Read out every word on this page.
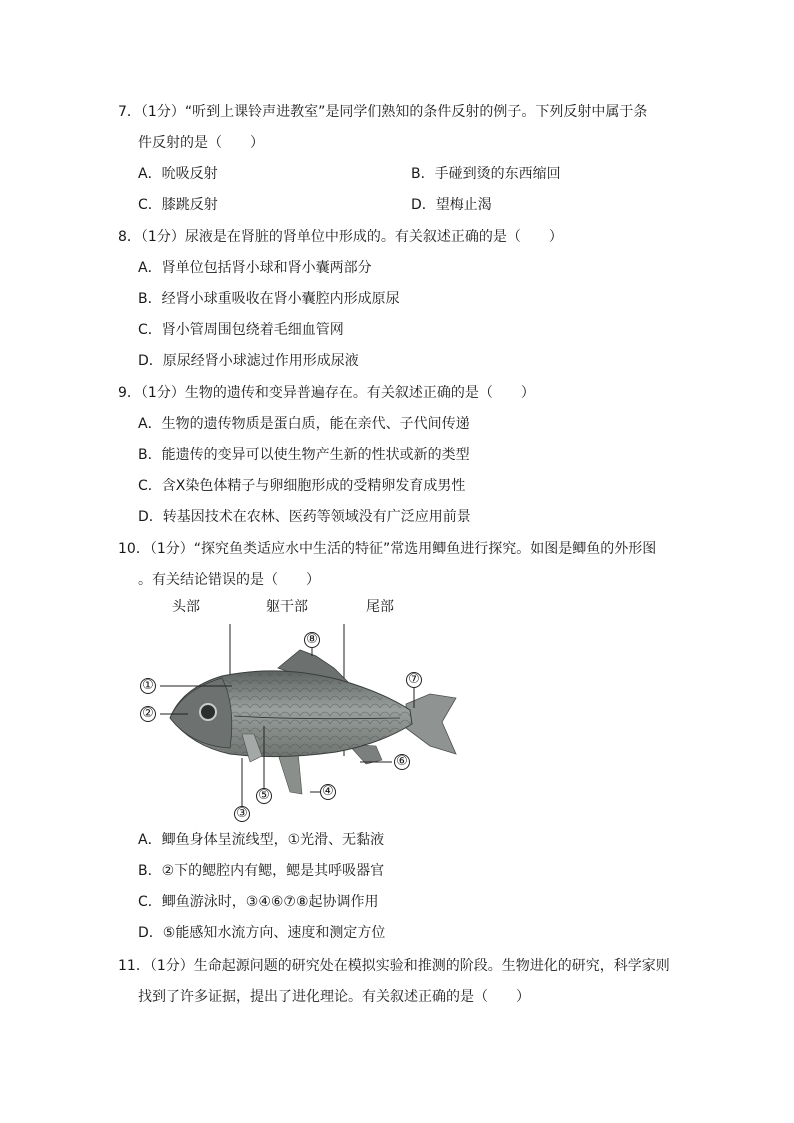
7．（1分）“听到上课铃声进教室”是同学们熟知的条件反射的例子。下列反射中属于条
件反射的是（　　）
A．吮吸反射	B．手碰到烫的东西缩回
C．膝跳反射	D．望梅止渴
8．（1分）尿液是在肾脏的肾单位中形成的。有关叙述正确的是（　　）
A．肾单位包括肾小球和肾小囊两部分
B．经肾小球重吸收在肾小囊腔内形成原尿
C．肾小管周围包绕着毛细血管网
D．原尿经肾小球滤过作用形成尿液
9．（1分）生物的遗传和变异普遍存在。有关叙述正确的是（　　）
A．生物的遗传物质是蛋白质，能在亲代、子代间传递
B．能遗传的变异可以使生物产生新的性状或新的类型
C．含X染色体精子与卵细胞形成的受精卵发育成男性
D．转基因技术在农林、医药等领域没有广泛应用前景
10．（1分）“探究鱼类适应水中生活的特征”常选用鲫鱼进行探究。如图是鲫鱼的外形图
。有关结论错误的是（　　）
头部	躯干部	尾部
①
②
③
④
⑤
⑥
⑦
⑧
A．鲫鱼身体呈流线型，①光滑、无黏液
B．②下的鳃腔内有鳃，鳃是其呼吸器官
C．鲫鱼游泳时，③④⑥⑦⑧起协调作用
D．⑤能感知水流方向、速度和测定方位
11．（1分）生命起源问题的研究处在模拟实验和推测的阶段。生物进化的研究，科学家则
找到了许多证据，提出了进化理论。有关叙述正确的是（　　）
